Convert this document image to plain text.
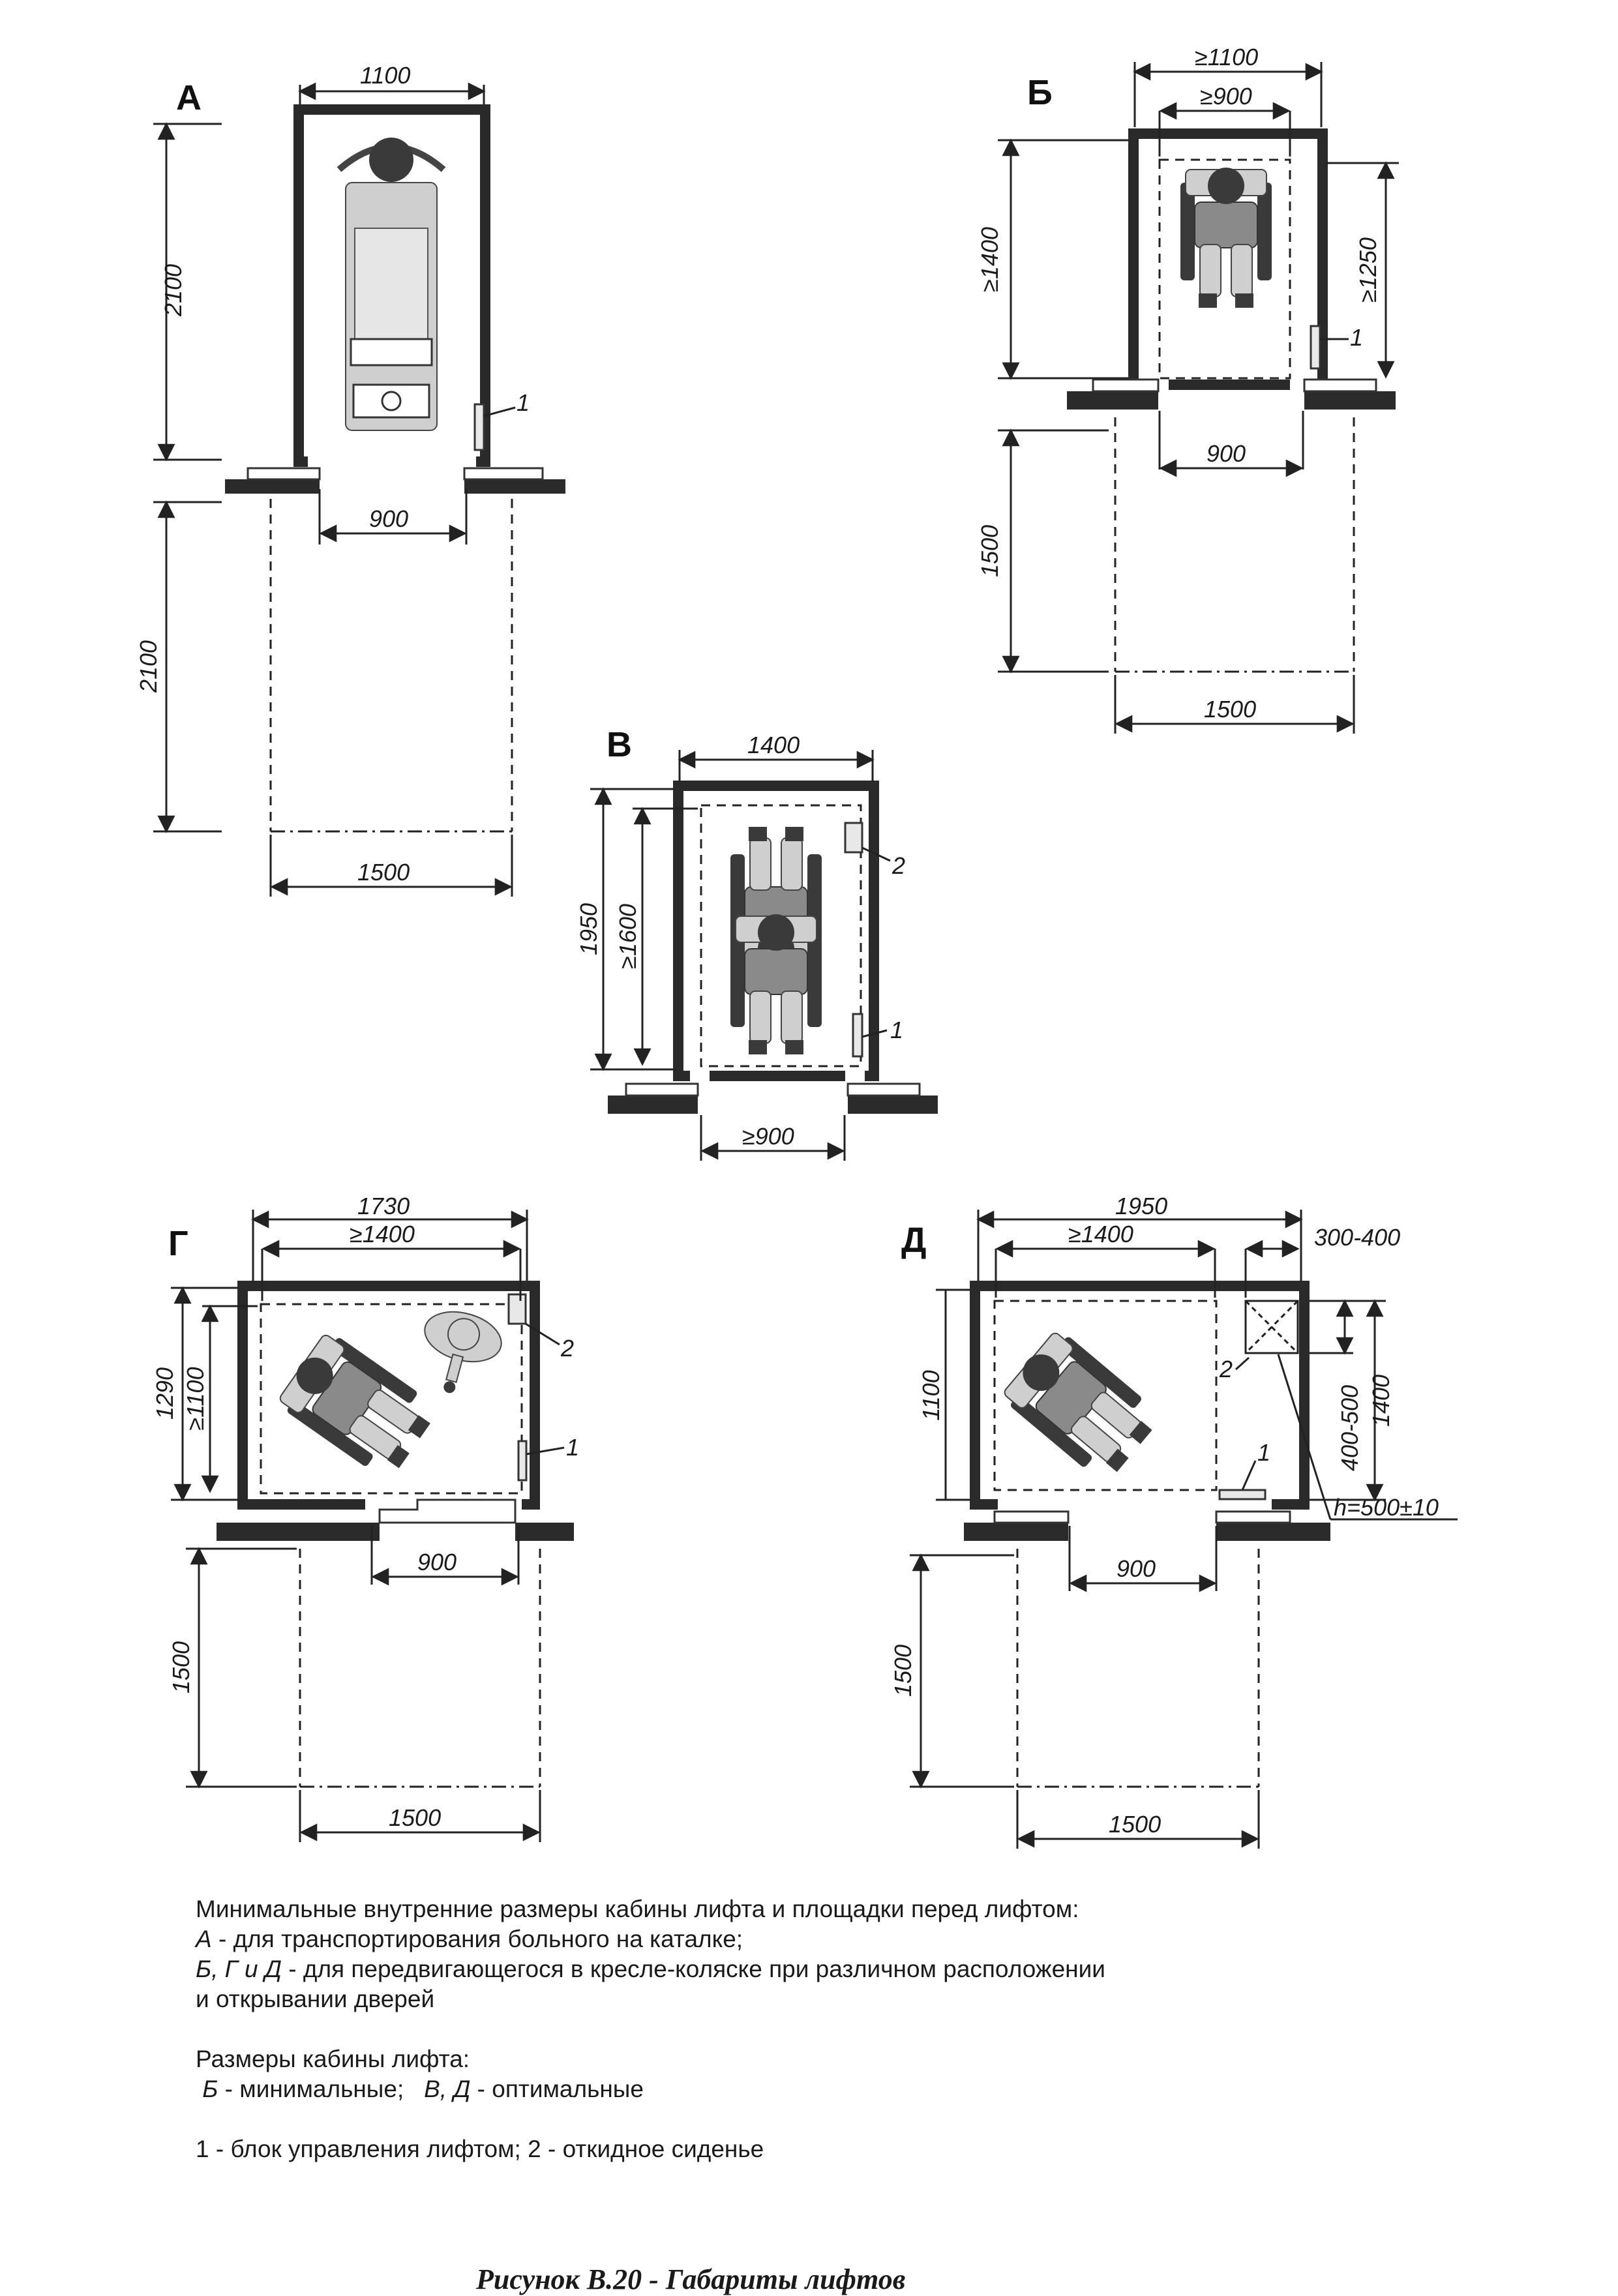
А
1
1100
2100
900
2100
1500
Б
1
≥1100
≥900
≥1400	≥1250
900
1500
1500
В
2
1
1400
1950 ≥1600
≥900
Г
2
1
1730
≥1400
1290 ≥1100
900
1500
1500
Д
2
1
h=500±10
1950
≥1400	300-400
1100	400-500 1400
900
1500
1500

Минимальные внутренние размеры кабины лифта и площадки перед лифтом:

А - для транспортирования больного на каталке;

Б, Г и Д - для передвигающегося в кресле-коляске при различном расположении

и открывании дверей

Размеры кабины лифта:

Б - минимальные;   В, Д - оптимальные

1 - блок управления лифтом; 2 - откидное сиденье

Рисунок В.20 - Габариты лифтов
